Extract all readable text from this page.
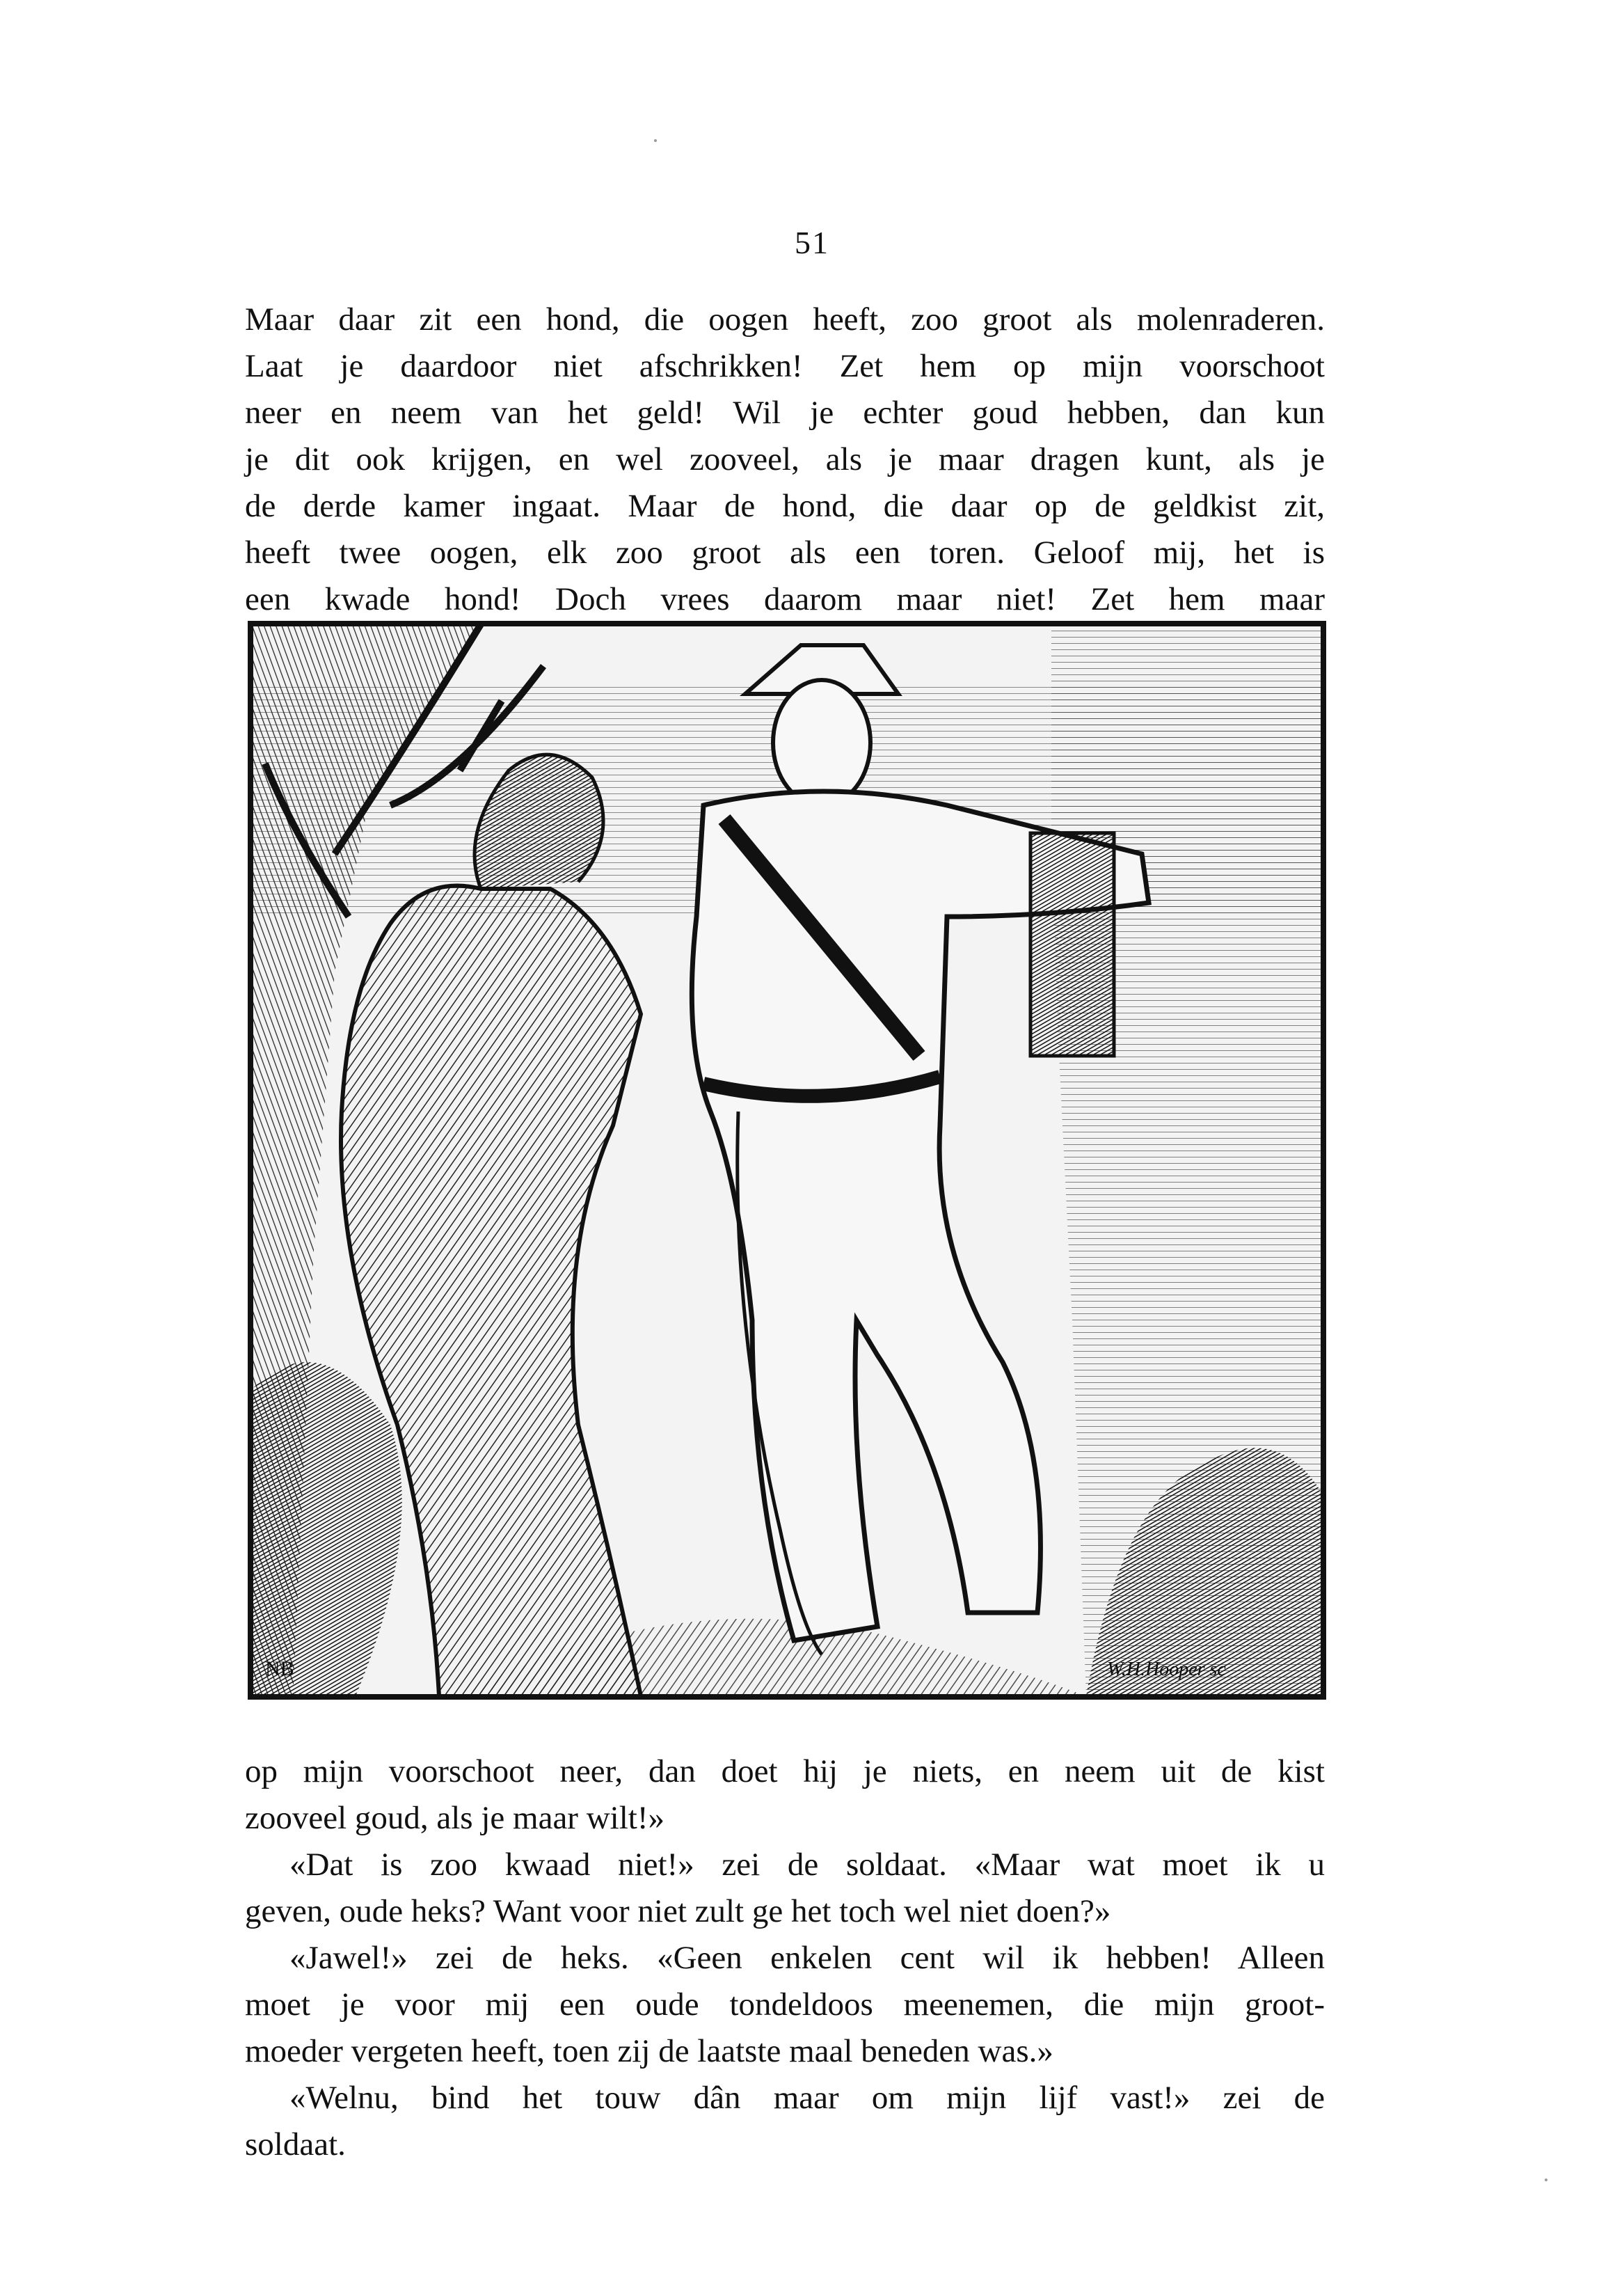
51
Maar daar zit een hond, die oogen heeft, zoo groot als molenraderen.
Laat je daardoor niet afschrikken! Zet hem op mijn voorschoot
neer en neem van het geld! Wil je echter goud hebben, dan kun
je dit ook krijgen, en wel zooveel, als je maar dragen kunt, als je
de derde kamer ingaat. Maar de hond, die daar op de geldkist zit,
heeft twee oogen, elk zoo groot als een toren. Geloof mij, het is
een kwade hond! Doch vrees daarom maar niet! Zet hem maar
NB	W.H.Hooper sc
op mijn voorschoot neer, dan doet hij je niets, en neem uit de kist
zooveel goud, als je maar wilt!»
«Dat is zoo kwaad niet!» zei de soldaat. «Maar wat moet ik u
geven, oude heks? Want voor niet zult ge het toch wel niet doen?»
«Jawel!» zei de heks. «Geen enkelen cent wil ik hebben! Alleen
moet je voor mij een oude tondeldoos meenemen, die mijn groot-
moeder vergeten heeft, toen zij de laatste maal beneden was.»
«Welnu, bind het touw dân maar om mijn lijf vast!» zei de
soldaat.
